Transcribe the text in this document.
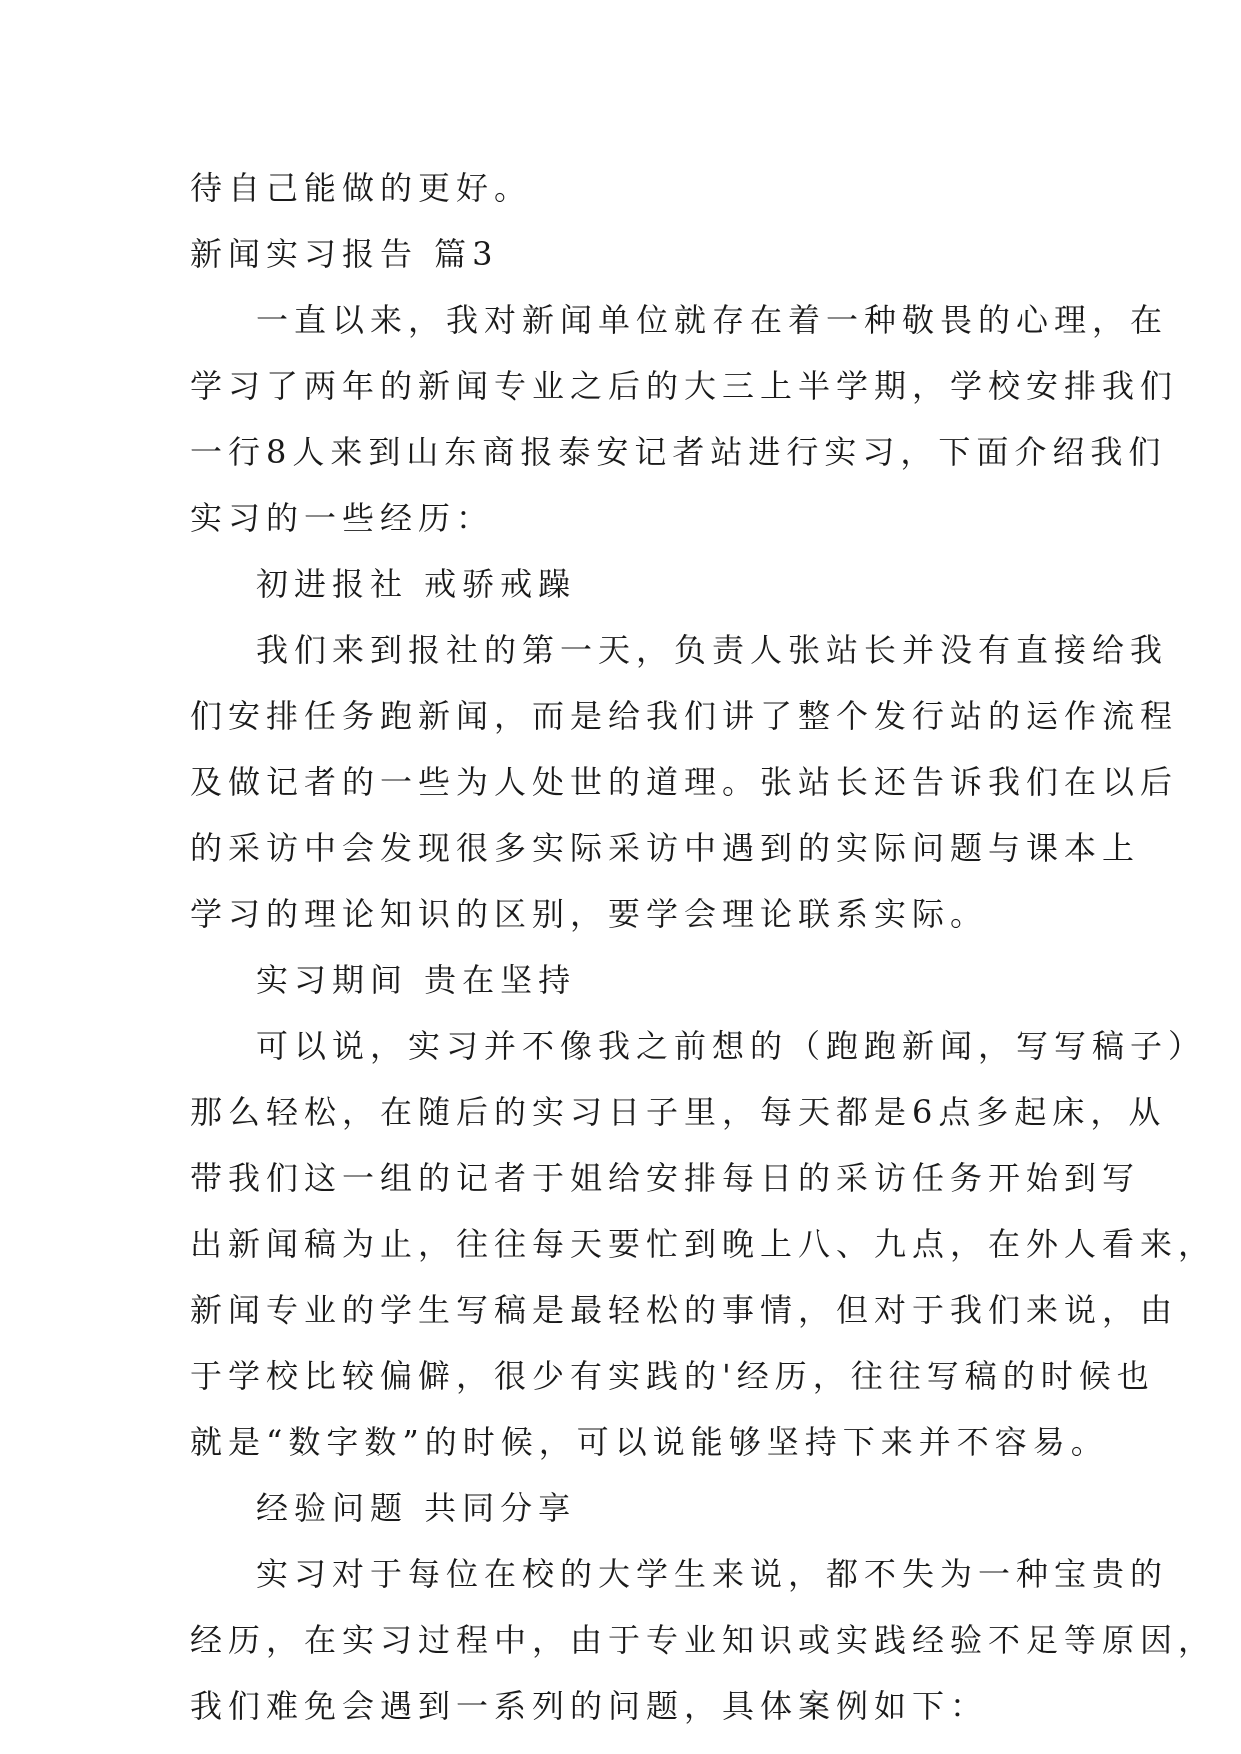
待自己能做的更好。
新闻实习报告 篇3
一直以来，我对新闻单位就存在着一种敬畏的心理，在
学习了两年的新闻专业之后的大三上半学期，学校安排我们
一行8人来到山东商报泰安记者站进行实习，下面介绍我们
实习的一些经历：
初进报社 戒骄戒躁
我们来到报社的第一天，负责人张站长并没有直接给我
们安排任务跑新闻，而是给我们讲了整个发行站的运作流程
及做记者的一些为人处世的道理。张站长还告诉我们在以后
的采访中会发现很多实际采访中遇到的实际问题与课本上
学习的理论知识的区别，要学会理论联系实际。
实习期间 贵在坚持
可以说，实习并不像我之前想的（跑跑新闻，写写稿子）
那么轻松，在随后的实习日子里，每天都是6点多起床，从
带我们这一组的记者于姐给安排每日的采访任务开始到写
出新闻稿为止，往往每天要忙到晚上八、九点，在外人看来，
新闻专业的学生写稿是最轻松的事情，但对于我们来说，由
于学校比较偏僻，很少有实践的'经历，往往写稿的时候也
就是“数字数”的时候，可以说能够坚持下来并不容易。
经验问题 共同分享
实习对于每位在校的大学生来说，都不失为一种宝贵的
经历，在实习过程中，由于专业知识或实践经验不足等原因，
我们难免会遇到一系列的问题，具体案例如下：
